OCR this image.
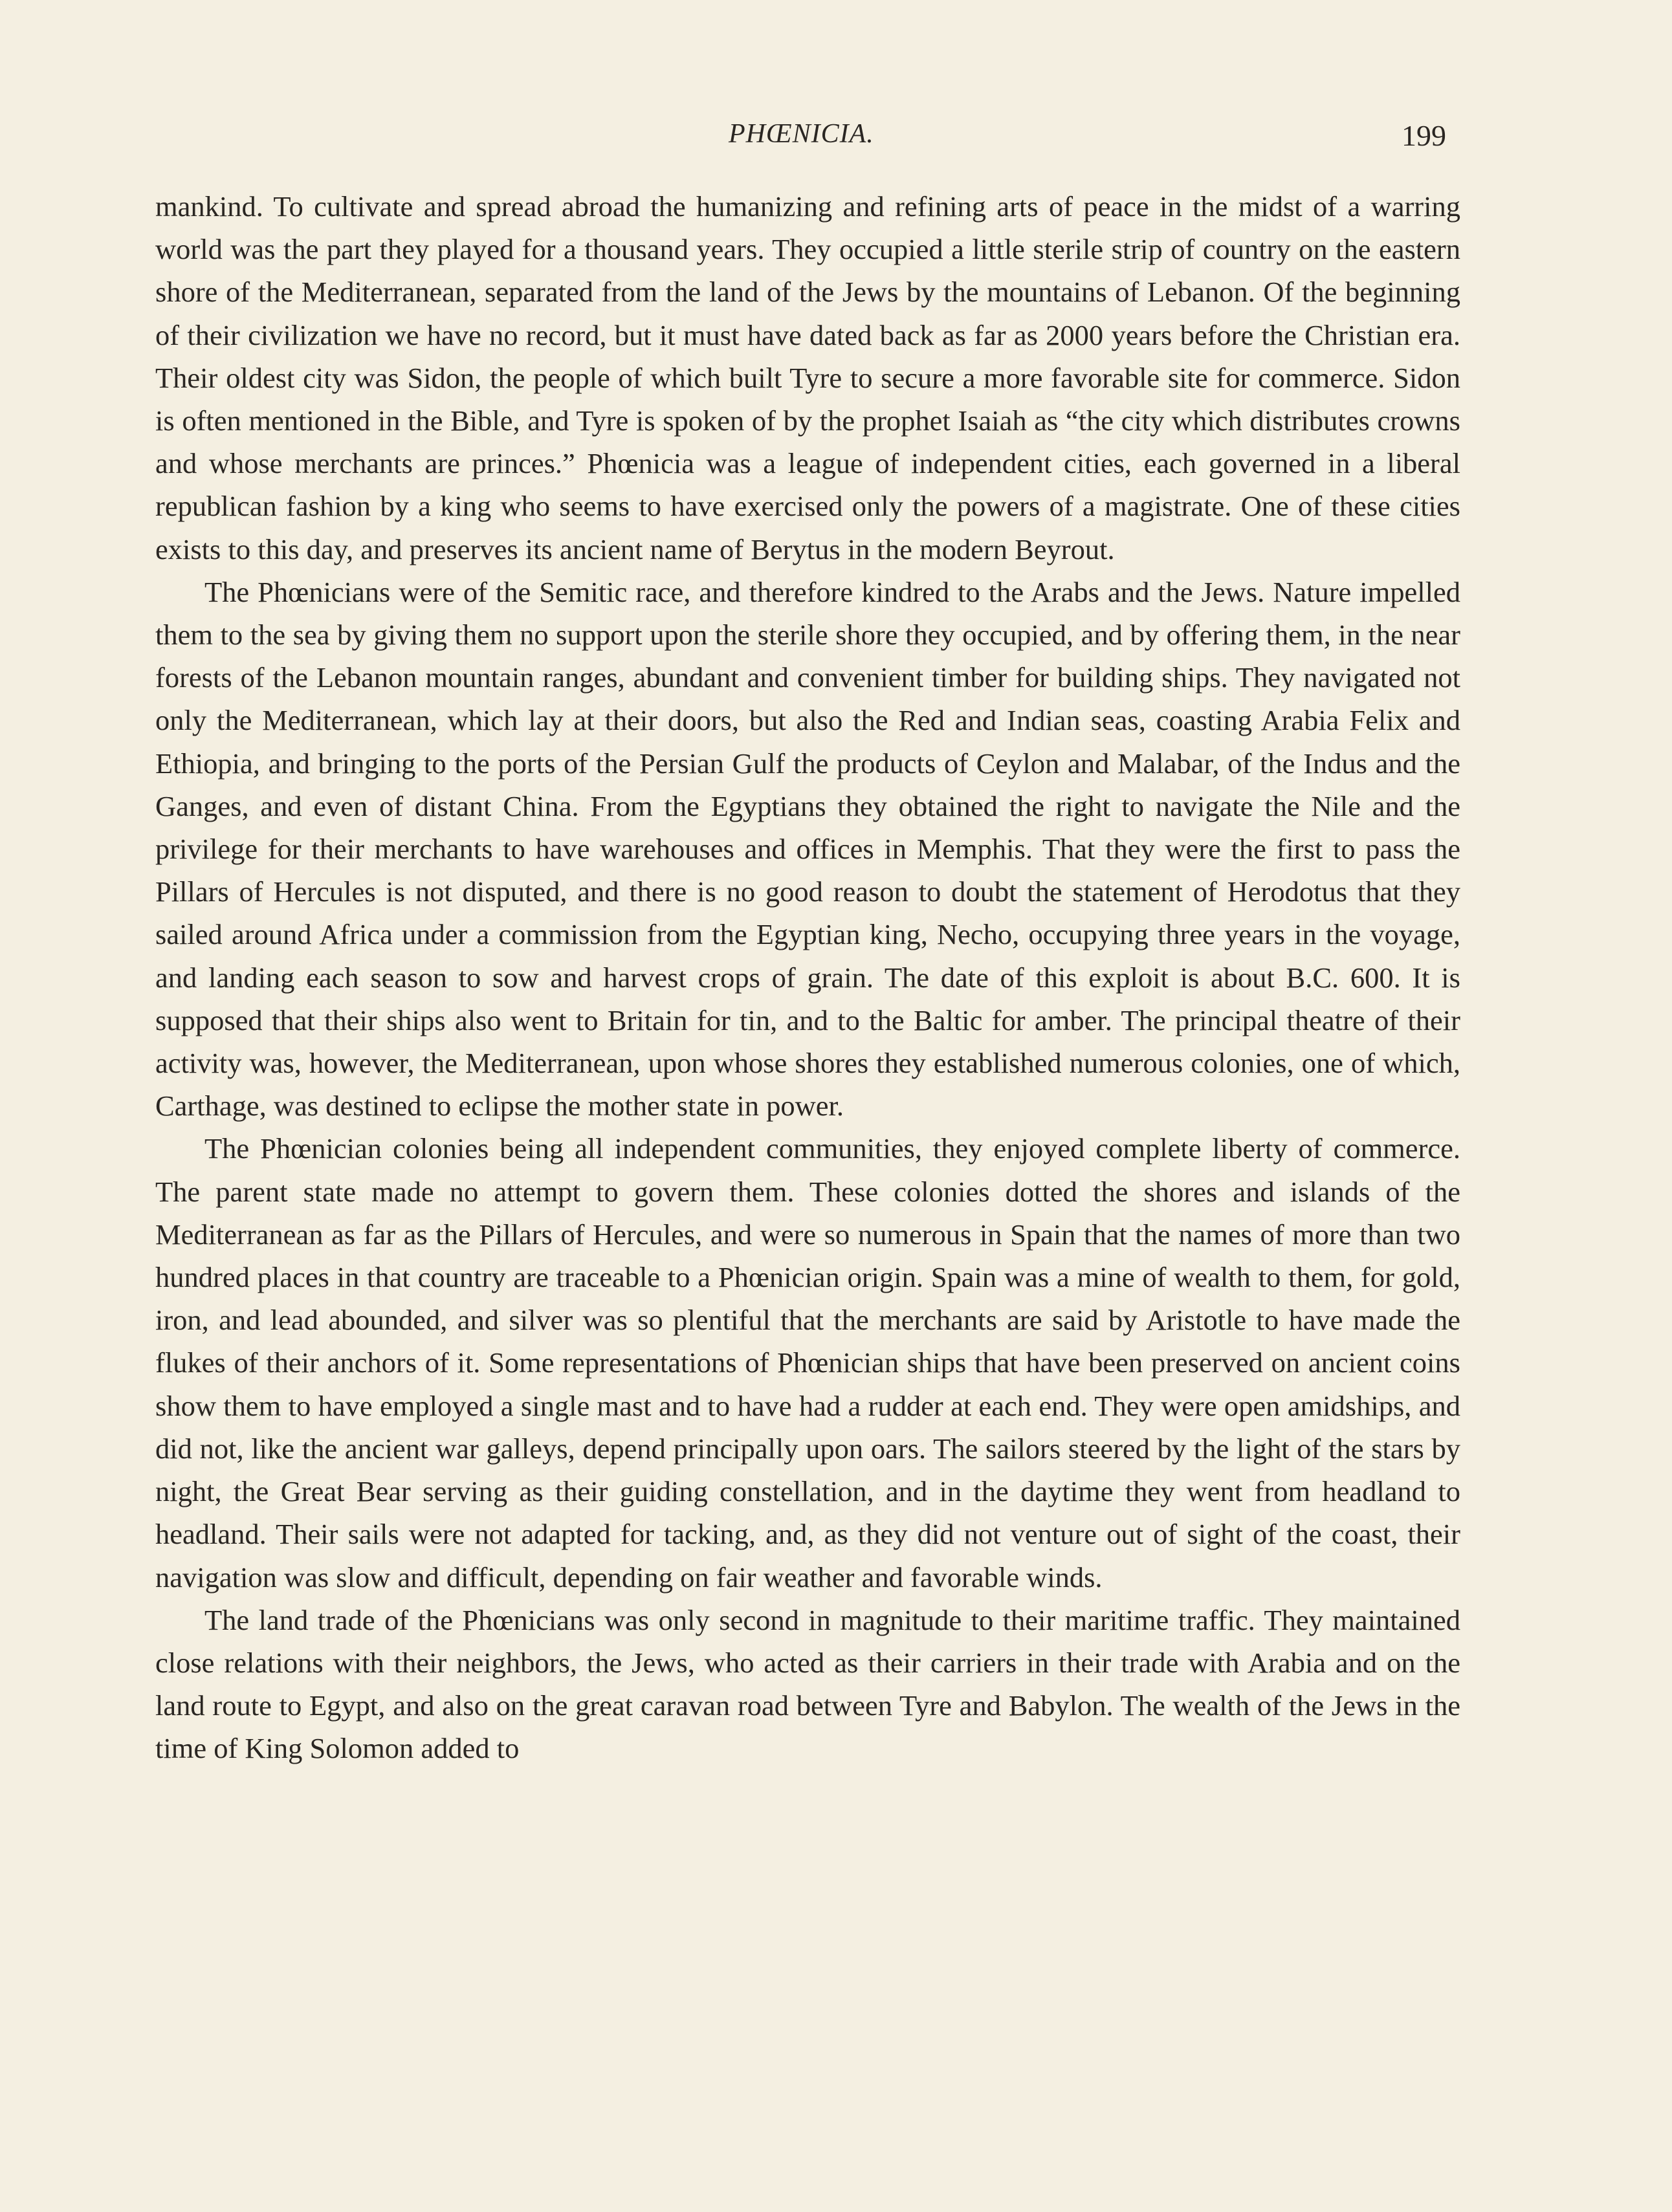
PHŒNICIA.	199

mankind. To cultivate and spread abroad the humanizing and refining arts of peace in the midst of a warring world was the part they played for a thousand years. They occupied a little sterile strip of country on the eastern shore of the Mediterranean, separated from the land of the Jews by the mountains of Lebanon. Of the beginning of their civilization we have no record, but it must have dated back as far as 2000 years before the Christian era. Their oldest city was Sidon, the people of which built Tyre to secure a more favorable site for commerce. Sidon is often mentioned in the Bible, and Tyre is spoken of by the prophet Isaiah as “the city which distributes crowns and whose merchants are princes.” Phœnicia was a league of independent cities, each governed in a liberal republican fashion by a king who seems to have exercised only the powers of a magistrate. One of these cities exists to this day, and preserves its ancient name of Berytus in the modern Beyrout.

The Phœnicians were of the Semitic race, and therefore kindred to the Arabs and the Jews. Nature impelled them to the sea by giving them no support upon the sterile shore they occupied, and by offering them, in the near forests of the Lebanon mountain ranges, abundant and convenient timber for building ships. They navigated not only the Mediterranean, which lay at their doors, but also the Red and Indian seas, coasting Arabia Felix and Ethiopia, and bringing to the ports of the Persian Gulf the products of Ceylon and Malabar, of the Indus and the Ganges, and even of distant China. From the Egyptians they obtained the right to navigate the Nile and the privilege for their merchants to have warehouses and offices in Memphis. That they were the first to pass the Pillars of Hercules is not disputed, and there is no good reason to doubt the statement of Herodotus that they sailed around Africa under a commission from the Egyptian king, Necho, occupying three years in the voyage, and landing each season to sow and harvest crops of grain. The date of this exploit is about B.C. 600. It is supposed that their ships also went to Britain for tin, and to the Baltic for amber. The principal theatre of their activity was, however, the Mediterranean, upon whose shores they established numerous colonies, one of which, Carthage, was destined to eclipse the mother state in power.

The Phœnician colonies being all independent communities, they enjoyed complete liberty of commerce. The parent state made no attempt to govern them. These colonies dotted the shores and islands of the Mediterranean as far as the Pillars of Hercules, and were so numerous in Spain that the names of more than two hundred places in that country are traceable to a Phœnician origin. Spain was a mine of wealth to them, for gold, iron, and lead abounded, and silver was so plentiful that the merchants are said by Aristotle to have made the flukes of their anchors of it. Some representations of Phœnician ships that have been preserved on ancient coins show them to have employed a single mast and to have had a rudder at each end. They were open amidships, and did not, like the ancient war galleys, depend principally upon oars. The sailors steered by the light of the stars by night, the Great Bear serving as their guiding constellation, and in the daytime they went from headland to headland. Their sails were not adapted for tacking, and, as they did not venture out of sight of the coast, their navigation was slow and difficult, depending on fair weather and favorable winds.

The land trade of the Phœnicians was only second in magnitude to their maritime traffic. They maintained close relations with their neighbors, the Jews, who acted as their carriers in their trade with Arabia and on the land route to Egypt, and also on the great caravan road between Tyre and Babylon. The wealth of the Jews in the time of King Solomon added to
